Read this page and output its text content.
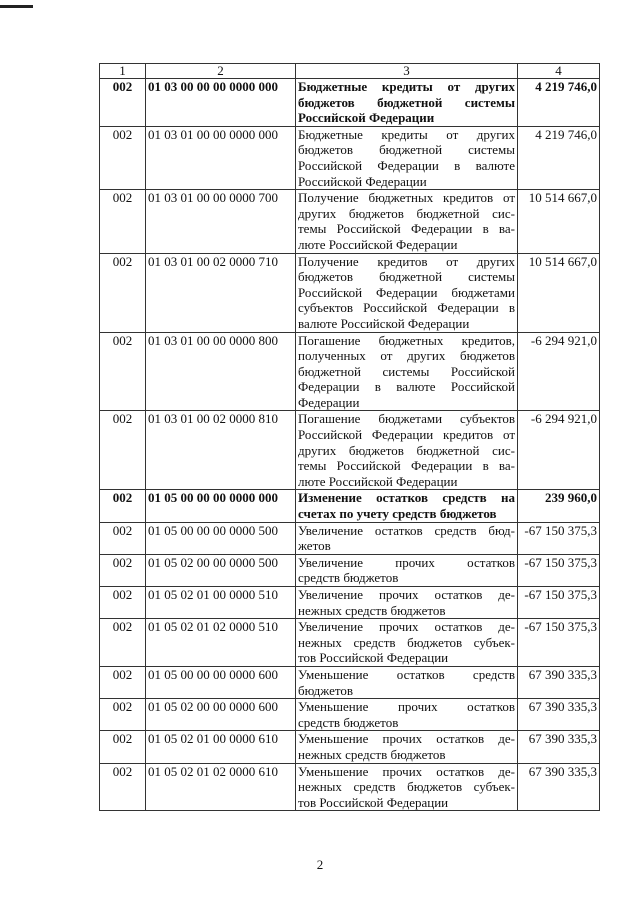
1	2	3	4
002	01 03 00 00 00 0000 000	Бюджетные кредиты от других
бюджетов бюджетной системы
Российской Федерации	4 219 746,0
002	01 03 01 00 00 0000 000	Бюджетные кредиты от других
бюджетов бюджетной системы
Российской Федерации в валюте
Российской Федерации	4 219 746,0
002	01 03 01 00 00 0000 700	Получение бюджетных кредитов от
других бюджетов бюджетной сис-
темы Российской Федерации в ва-
люте Российской Федерации	10 514 667,0
002	01 03 01 00 02 0000 710	Получение кредитов от других
бюджетов бюджетной системы
Российской Федерации бюджетами
субъектов Российской Федерации в
валюте Российской Федерации	10 514 667,0
002	01 03 01 00 00 0000 800	Погашение бюджетных кредитов,
полученных от других бюджетов
бюджетной системы Российской
Федерации в валюте Российской
Федерации	-6 294 921,0
002	01 03 01 00 02 0000 810	Погашение бюджетами субъектов
Российской Федерации кредитов от
других бюджетов бюджетной сис-
темы Российской Федерации в ва-
люте Российской Федерации	-6 294 921,0
002	01 05 00 00 00 0000 000	Изменение остатков средств на
счетах по учету средств бюджетов	239 960,0
002	01 05 00 00 00 0000 500	Увеличение остатков средств бюд-
жетов	-67 150 375,3
002	01 05 02 00 00 0000 500	Увеличение прочих остатков
средств бюджетов	-67 150 375,3
002	01 05 02 01 00 0000 510	Увеличение прочих остатков де-
нежных средств бюджетов	-67 150 375,3
002	01 05 02 01 02 0000 510	Увеличение прочих остатков де-
нежных средств бюджетов субъек-
тов Российской Федерации	-67 150 375,3
002	01 05 00 00 00 0000 600	Уменьшение остатков средств
бюджетов	67 390 335,3
002	01 05 02 00 00 0000 600	Уменьшение прочих остатков
средств бюджетов	67 390 335,3
002	01 05 02 01 00 0000 610	Уменьшение прочих остатков де-
нежных средств бюджетов	67 390 335,3
002	01 05 02 01 02 0000 610	Уменьшение прочих остатков де-
нежных средств бюджетов субъек-
тов Российской Федерации	67 390 335,3
2
